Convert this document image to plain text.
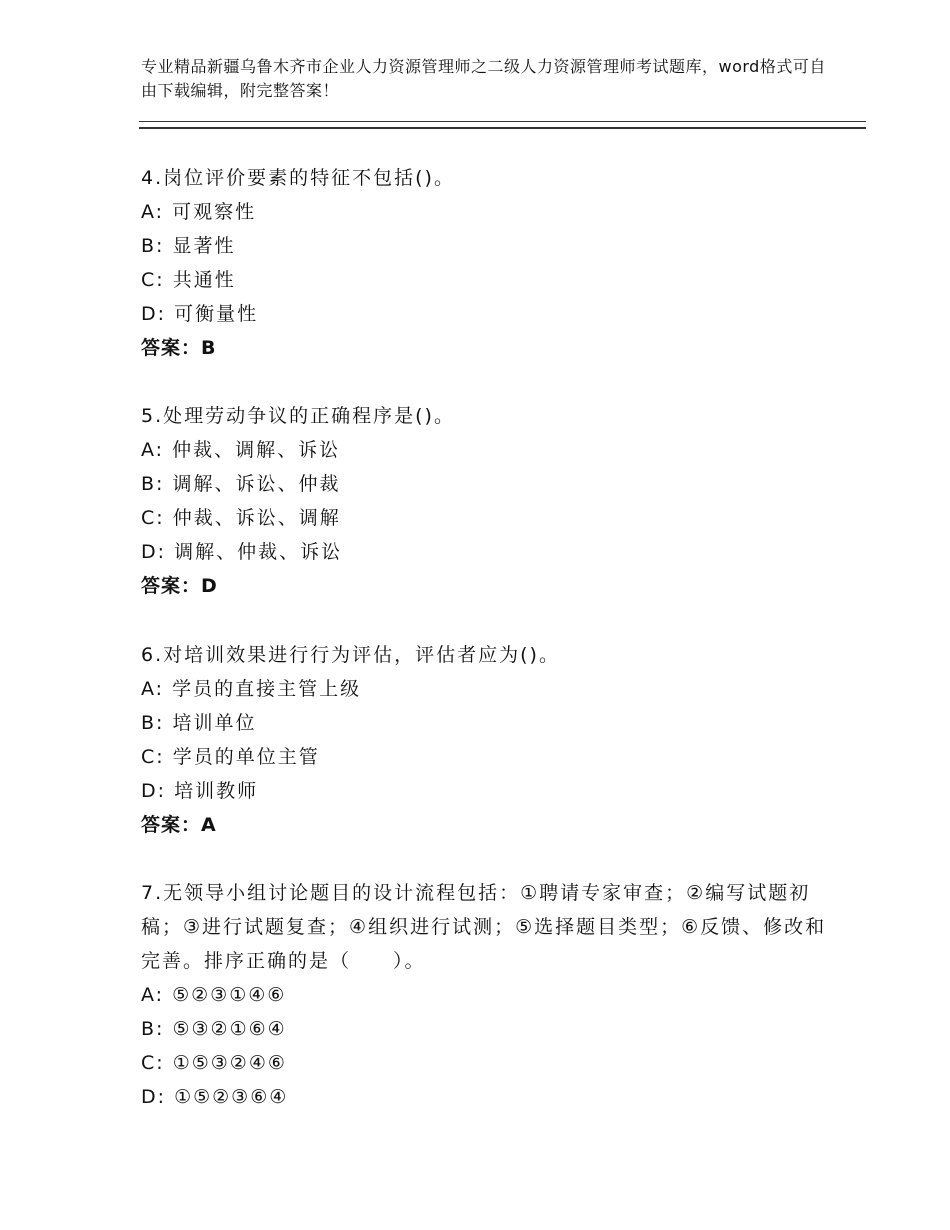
专业精品新疆乌鲁木齐市企业人力资源管理师之二级人力资源管理师考试题库，word格式可自由下载编辑，附完整答案！

4.岗位评价要素的特征不包括()。

A: 可观察性

B: 显著性

C: 共通性

D: 可衡量性

答案：B

5.处理劳动争议的正确程序是()。

A: 仲裁、调解、诉讼

B: 调解、诉讼、仲裁

C: 仲裁、诉讼、调解

D: 调解、仲裁、诉讼

答案：D

6.对培训效果进行行为评估，评估者应为()。

A: 学员的直接主管上级

B: 培训单位

C: 学员的单位主管

D: 培训教师

答案：A

7.无领导小组讨论题目的设计流程包括：①聘请专家审查；②编写试题初稿；③进行试题复查；④组织进行试测；⑤选择题目类型；⑥反馈、修改和完善。排序正确的是（　　）。

A: ⑤②③①④⑥

B: ⑤③②①⑥④

C: ①⑤③②④⑥

D: ①⑤②③⑥④
